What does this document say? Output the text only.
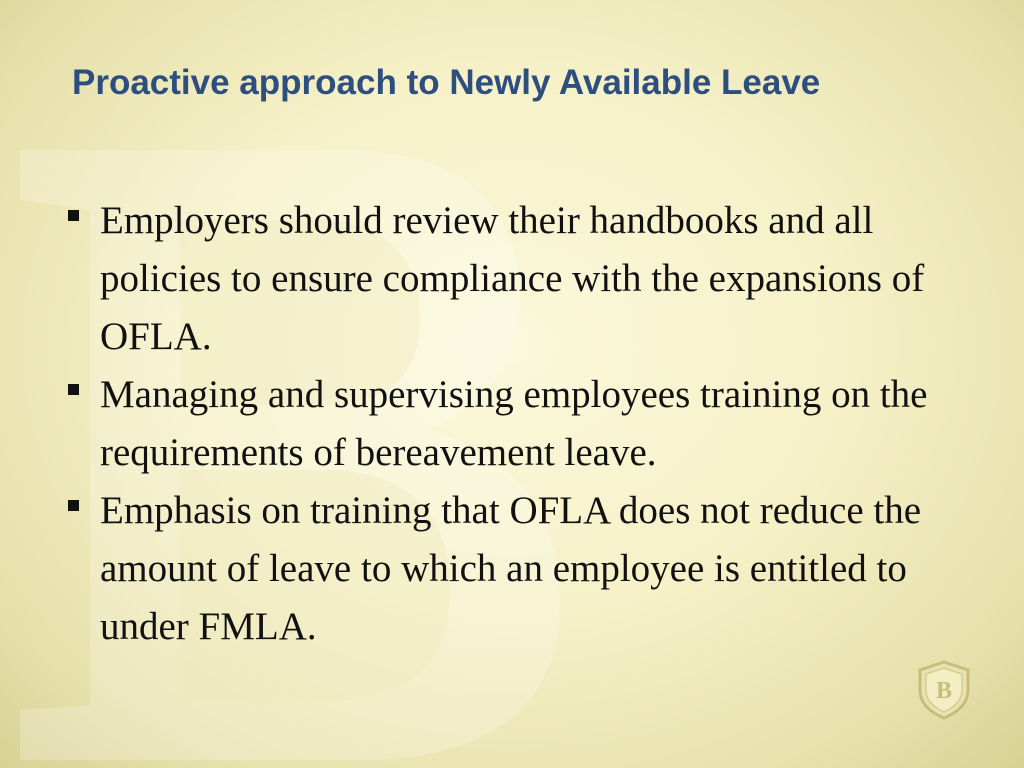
Proactive approach to Newly Available Leave
Employers should review their handbooks and all policies to ensure compliance with the expansions of OFLA.
Managing and supervising employees training on the requirements of bereavement leave.
Emphasis on training that OFLA does not reduce the amount of leave to which an employee is entitled to under FMLA.
B
